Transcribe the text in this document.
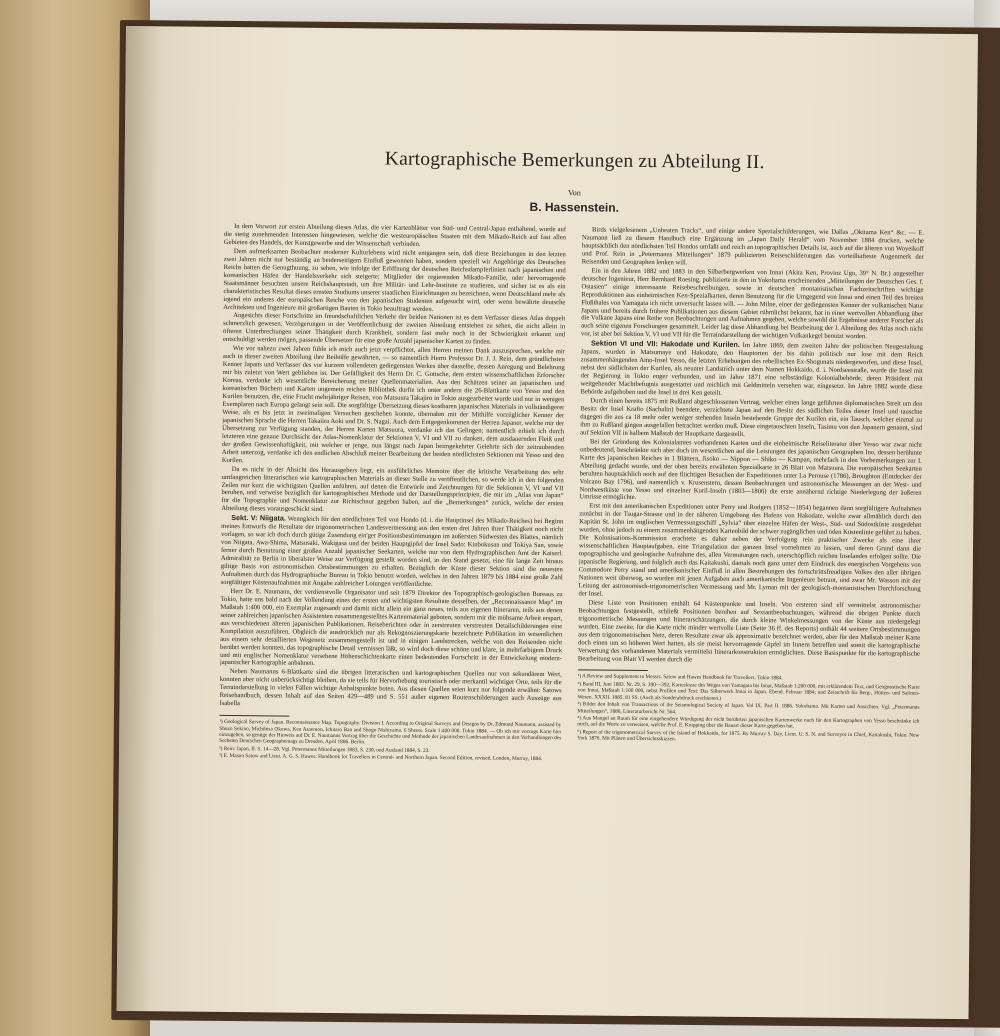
Kartographische Bemerkungen zu Abteilung II.
Von
B. Hassenstein.

In dem Vorwort zur ersten Abteilung dieses Atlas, die vier Kartenblätter von Süd- und Central-Japan enthaltend, wurde auf die stetig zunehmenden Interessen hingewiesen, welche die westeuropäischen Staaten mit dem Mikado-Reich auf fast allen Gebieten des Handels, der Kunstgewerbe und der Wissenschaft verbinden.

Dem aufmerksamen Beobachter moderner Kulturlebens wird nicht entgangen sein, daß diese Beziehungen in den letzten zwei Jahren nicht nur beständig an beiderseitigem Einfluß gewonnen haben, sondern speziell wir Angehörige des Deutschen Reichs hatten die Genugthuung, zu sehen, wie infolge der Eröffnung der deutschen Reichsdampferlinien nach japanischen und koreanischen Häfen der Handelsverkehr sich steigerte; Mitglieder der regierenden Mikado-Familie, oder hervorragende Staatsmänner besuchten unsere Reichshauptstadt, um ihre Militär- und Lehr-Institute zu studieren, und sicher ist es als ein charakteristisches Resultat dieses ernsten Studiums unserer staatlichen Einrichtungen zu bezeichnen, wenn Deutschland mehr als irgend ein anderes der europäischen Reiche von den japanischen Studenten aufgesucht wird, oder wenn bewährte deutsche Architekten und Ingenieure mit großartigen Bauten in Tokio beauftragt werden.

Angesichts dieser Fortschritte im freundschaftlichen Verkehr der beiden Nationen ist es dem Verfasser dieses Atlas doppelt schmerzlich gewesen, Verzögerungen in der Veröffentlichung der zweiten Abteilung entstehen zu sehen, die nicht allein in öfteren Unterbrechungen seiner Thätigkeit durch Krankheit, sondern fast mehr noch in der Schwierigkeit erkannt und entschuldigt werden mögen, passende Übersetzer für eine große Anzahl japanischer Karten zu finden.

Wie vor nahezu zwei Jahren fühle ich mich auch jetzt verpflichtet, allen Herren meinen Dank auszusprechen, welche mir auch in dieser zweiten Abteilung ihre Beihülfe gewährten, — so namentlich Herrn Professor Dr. J. J. Rein, dem gründlichsten Kenner Japans und Verfasser des vor kurzem vollendeten gediegensten Werkes über dasselbe, dessen Anregung und Belehrung mir bis zuletzt von Wert geblieben ist. Der Gefälligkeit des Herrn Dr. C. Gottsche, dem ersten wissenschaftlichen Erforscher Koreas, verdanke ich wesentliche Bereicherung meiner Quellenmaterialien. Aus den Schätzen seiner an japanischen und koreanischen Büchern und Karten ungemein reichen Bibliothek durfte ich unter andern die 26-Blattkarte von Yesso und den Kurilen benutzen, die, eine Frucht mehrjähriger Reisen, von Matsuura Takajiro in Tokio ausgearbeitet wurde und nur in wenigen Exemplaren nach Europa gelangt sein soll. Die sorgfältige Übersetzung dieses kostbaren japanischen Materials in vollständigerer Weise, als es bis jetzt in zweimaligen Versuchen geschehen konnte, übernahm mit der Mithilfe vorzüglicher Kenner der japanischen Sprache die Herren Takaiira Aoki und Dr. S. Nagai. Auch dem Entgegenkommen der Herren Japaner, welche mir der Übersetzung zur Verfügung standen, der Herren Karten Matsuura, verdanke ich das Gelingen; namentlich erhielt ich durch letzteren eine genaue Durchsicht der Atlas-Nomenklatur der Sektionen V, VI und VII zu danken, dem ausdauernden Fleiß und der großen Gewissenhaftigkeit, mit welcher er jenge, nun längst nach Japan heimgekehrter Gelehrte sich der zeitraubenden Arbeit unterzog, verdanke ich den endlichen Abschluß meiner Bearbeitung der beiden nördlichsten Sektionen mit Yesso und den Kurilen.

Da es nicht in der Absicht des Herausgebers liegt, ein ausführliches Memoire über die kritische Verarbeitung des sehr umfangreichen litterarischen wie kartographischen Materials an dieser Stelle zu veröffentlichen, so werde ich in den folgenden Zeilen nur kurz die wichtigsten Quellen anführen, auf denen die Entwürfe und Zeichnungen für die Sektionen V, VI und VII beruhen, und verweise bezüglich der kartographischen Methode und der Darstellungsprinzipien, die mir im „Atlas von Japan“ für die Topographie und Nomenklatur zur Richtschnur gegeben haben, auf die „Bemerkungen“ zurück, welche der ersten Abteilung dieses vorausgeschickt sind.

Sekt. V: Niigata. Wenngleich für den nördlichsten Teil von Hondo (d. i. die Hauptinsel des Mikado-Reiches) bei Beginn meines Entwurfs die Resultate der trigonometrischen Landesvermessung aus den ersten drei Jahren ihrer Thätigkeit noch nicht vorlagen, so war ich doch durch gütige Zusendung ein'ger Positionsbestimmungen im äußersten Südwesten des Blattes, nämlich von Niigata, Awa-Shima, Matsusaki, Wakigasa und der beiden Hauptgipfel der Insel Sado: Kinbokusan und Tokiya San, sowie ferner durch Benutzung einer großen Anzahl japanischer Seekarten, welche nur von dem Hydrographischen Amt der Kaiserl. Admiralität zu Berlin in liberalster Weise zur Verfügung gestellt worden sind, in den Stand gesetzt, eine für lange Zeit hinaus giltige Basis von astronomischen Ortsbestimmungen zu erhalten. Bezüglich der Küste dieser Sektion sind die neuesten Aufnahmen durch das Hydrographische Bureau in Tokio benutzt worden, welches in den Jahren 1879 bis 1884 eine große Zahl sorgfältiger Küstenaufnahmen mit Angabe zahlreicher Lotungen veröffentlichte.

Herr Dr. E. Naumann, der verdienstvolle Organisator und seit 1879 Direktor des Topographisch-geologischen Bureaus zu Tokio, hatte uns bald nach der Vollendung eines der ersten und wichtigsten Resultate desselben, der „Reconnaissance Map“ im Maßstab 1:400 000, ein Exemplar zugesandt und damit nicht allein ein ganz neues, teils aus eigenen Itineraren, teils aus denen seiner zahlreichen japanischen Assistenten zusammengestelltes Kartenmaterial geboten, sondern mir die mühsame Arbeit erspart, aus verschiedenen älteren japanischen Publikationen, Reiseberichten oder in zerstreuten verstreuten Detailschilderungen eine Kompilation auszuführen. Obgleich die ausdrücklich nur als Rekognoszierungskarte bezeichnete Publikation im wesentlichen aus einem sehr detaillierten Wegenetz zusammengestellt ist und in einigen Landstrecken, welche von den Reisenden nicht berührt werden konnten, das topographische Detail vermissen läßt, so wird doch diese schöne und klare, in mehrfarbigem Druck und mit englischer Nomenklatur versehene Höhenschichtenkarte einen bedeutenden Fortschritt in der Entwickelung modern-japanischer Kartographie anbahnen.

Neben Naumanns 6-Blattkarte sind die übrigen litterarischen und kartographischen Quellen nur von sekundärem Wert, konnten aber nicht unberücksichtigt bleiben, da sie teils für Hervorhebung touristisch oder merkantil wichtiger Orte, teils für die Terraindarstellung in vielen Fällen wichtige Anhaltspunkte boten. Aus diesen Quellen seien kurz nur folgende erwähnt: Satows Reisehandbuch, dessen Inhalt auf den Seiten 429—489 und S. 551 außer eigenen Routenschilderungen auch Auszüge aus Isabella

¹) Geological Survey of Japan. Reconnaissance Map. Topography. Division I. According to Original Surveys and Designs by Dr. Edmund Naumann, assisted by Shuzo Sekino, Michihisa Okuwa, Ken Asaemon, Ichitaro Ban and Shogo Nishiyama. 6 Sheets. Scale 1:400 000. Tokio 1884. — Ob ich mir vorzugs Karte hier einzugehen, so genüge der Hinweis auf Dr. E. Naumanns Vortrag über die Geschichte und Methode der japanischen Landesaufnahmen in den Verhandlungen des Sechsten Deutschen Geographentags zu Dresden, April 1886. Berlin.

²) Rein: Japan, II. S. 14—28. Vgl. Petermanns Mitteilungen 1883, S. 230, und Ausland 1884, S. 23.

³) E. Mason Satow and Lieut. A. G. S. Hawes: Handbook for Travellers in Central- and Northern Japan. Second Edition, revised. London, Murray, 1884.

Birds vielgelesenem „Unbeaten Tracks“, und einige andere Spezialschilderungen, wie Dallas „Okitama Ken“ &c. — E. Naumann ließ zu diesem Handbuch eine Ergänzung im „Japan Daily Herald“ vom November 1884 drucken, welche hauptsächlich den nördlichsten Teil Hondos umfaßt und reich an topographischen Details ist, auch auf die älteren von Woyeikoff und Prof. Rein in „Petermanns Mitteilungen“ 1879 publizierten Reiseschilderungen das vorteilhafteste Augenmerk der Reisenden und Geographen lenken will.

Ein in den Jahren 1882 und 1883 in den Silberbergwerken von Innai (Akita Ken, Provinz Ugo, 39° N. Br.) angestellter deutscher Ingenieur, Herr Bernhard Roesing, publizierte in den in Yokohama erscheinenden „Mitteilungen der Deutschen Ges. f. Ostasien“ einige interessante Reisebeschreibungen, sowie in deutschen montanistischen Fachzeitschriften wichtige Reproduktionen aus einheimischen Ken-Spezialkarten, deren Benutzung für die Umgegend von Innai und einen Teil des breiten Flußthales von Yamagata ich nicht unversucht lassen will. — John Milne, einer der gediegensten Kenner der vulkanischen Natur Japans und bereits durch frühere Publikationen aus diesem Gebiet rühmlichst bekannt, hat in einer wertvollen Abhandlung über die Vulkane Japans eine Reihe von Beobachtungen und Aufnahmen gegeben, welche sowohl die Ergebnisse anderer Forscher als auch seine eigenen Forschungen gesammelt. Leider lag diese Abhandlung bei Bearbeitung der I. Abteilung des Atlas noch nicht vor, ist aber bei Sektion V, VI und VII für die Terraindarstellung der wichtigen Vulkankegel benutzt worden.

Sektion VI und VII: Hakodate und Kurilen. Im Jahre 1869, dem zweiten Jahre der politischen Neugestaltung Japans, wurden in Matsumaye und Hakodate, den Hauptorten der bis dahin politisch nur lose mit dem Reich zusammenhängenden Aino-Insel Yesso, die letzten Erhebungen des rebellischen Ex-Shogunats niedergeworfen, und diese Insel, nebst den südlichsten der Kurilen, als neunter Landstrich unter dem Namen Hokkaido, d. i. Nordseestraße, wurde die Insel mit der Regierung in Tokio enger verbunden, und im Jahre 1871 eine selbständige Kolonialbehörde, deren Präsident mit weitgehender Machtbefugnis ausgestattet und reichlich mit Geldmitteln versehen war, eingesetzt. Im Jahre 1882 wurde diese Behörde aufgehoben und die Insel in drei Ken geteilt.

Durch einen bereits 1875 mit Rußland abgeschlossenen Vertrag, welcher einen lange geführten diplomatischen Streit um den Besitz der Insel Krafto (Sachalin) beendete, verzichtete Japan auf den Besitz des südlichen Teiles dieser Insel und tauschte dagegen die aus ca 18 mehr oder weniger stehenden Inseln bestehende Gruppe der Kurilen ein, ein Tausch, welcher einmal zu ihm zu Rußland gingen ausgefallen betrachtet werden muß. Diese eingetauschten Inseln, Tasimu von den Japanern genannt, sind auf Sektion VII in halbem Maßstab der Hauptkarte dargestellt.

Bei der Gründung des Kolonialamtes vorhandenen Karten und die einheimische Reiseliteratur über Yesso war zwar nicht unbedeutend, beschränkte sich aber doch im wesentlichen auf die Leistungen des japanischen Geographen Ino, dessen berühmte Karte des japanischen Reiches in 1 Blättern, Jisoko — Nippon — Shiko — Kampan, mehrfach in den Vorbemerkungen zur I. Abteilung gedacht wurde, und der oben bereits erwähnten Spezialkarte in 26 Blatt von Matsuura. Die europäischen Seekarten beruhten hauptsächlich noch auf den flüchtigen Besuchen der Expeditionen unter La Perouse (1786), Broughton (Entdecker der Volcano Bay 1796), und namentlich v. Krusenstern, dessen Beobachtungen und astronomische Messungen an der West- und Nordwestküste von Yesso und einzelner Kuril-Inseln (1803—1806) die erste annähernd richtige Niederlegung der äußeren Umrisse ermöglichte.

Erst mit den amerikanischen Expeditionen unter Perry und Rodgers (1852—1854) begannen dann sorgfältigere Aufnahmen zunächst in der Tsugar-Strasse und in der näheren Umgebung des Hafens von Hakodate, welche zwar allmählich durch den Kapitän St. John im englischen Vermessungsschiff „Sylvia“ über einzelne Häfen der West-, Süd- und Südostküste ausgedehnt wurden, ohne jedoch zu einem zusammenhängenden Kartenbild der schwer zugänglichen und öden Küstenlinie geführt zu haben. Die Kolonisations-Kommission erachtete es daher neben der Verfolgung rein praktischer Zwecke als eine ihrer wissenschaftlichen Hauptaufgaben, eine Triangulation der ganzen Insel vornehmen zu lassen, und deren Grund dann die topographische und geologische Aufnahme des, allen Vermutungen nach, unerschöpflich reichen Inselandes erfolgen sollte. Die japanische Regierung, und folglich auch das Kaitakushi, damals noch ganz unter dem Eindruck des energischen Vorgehens von Commodore Perry stand und amerikanischer Einfluß in allen Bestrebungen des fortschrittsfreudigen Volkes den aller übrigen Nationen weit überwog, so wurden mit jenen Aufgaben auch amerikanische Ingenieure betraut, und zwar Mr. Wasson mit der Leitung der astronomisch-trigonometrischen Vermessung und Mr. Lyman mit der geologisch-montanistischen Durchforschung der Insel.

Diese Liste von Positionen enthält 64 Küstenpunkte und Inseln. Von ersteren sind elf vermittelst astronomischer Beobachtungen festgestellt, schließt Positionen beruhen auf Sextantbeobachtungen, während die übrigen Punkte durch trigonometrische Messungen und Itinerarschätzungen, die durch kleine Winkelmessungen von der Küste aus niedergelegt wurden. Eine zweite, für die Karte nicht minder wertvolle Liste (Seite 36 ff. des Reports) enthält 44 weitere Ortsbestimmungen aus dem trigonometrischen Netz, deren Resultate zwar als approximativ bezeichnet werden, aber für den Maßstab meiner Karte doch einen um so höheren Wert hatten, als sie meist hervorragende Gipfel im Innern betreffen und somit die kartographische Verwertung des vorhandenen Materials vermittelst Itinerarkonstruktion ermöglichten. Diese Basispunkte für die kartographische Bearbeitung von Blatt VI werden durch die

¹) A Review and Supplement to Messrs. Satow and Hawes Handbook for Travellers. Tokio 1884.

²) Band III, Juni 1883. Nr. 29, S. 390—392, Karteskizze des Weges von Yamagata bis Innai, Maßstab 1:200 000, mit erklärendem Text, und Geognostische Karte von Innai, Maßstab 1:100 000, nebst Profilen und Text: Das Silberwerk Innai in Japan. Ebend. Februar 1884; und Zeitschrift für Berg-, Hütten- und Salinen-Wesen. XXXII. 1885. 81 SS. (Auch als Sonderabdruck erschienen.)

³) Bildet den Inhalt von Transactions of the Seismological Society of Japan. Vol IX. Part II. 1886. Yokohama. Mit Karten und Ansichten. Vgl. „Petermanns Mitteilungen“, 1886, Litteraturbericht Nr. 564.

⁴) Aus Mangel an Raum für eine eingehendere Würdigung der nicht berührten japanischen Kartenwerke nach für den Kartographen von Yesso beschränke ich mich, auf die Worte zu verweisen, welche Prof. E. Knipping über die Bauart dieser Karte gegeben hat.

⁵) Report of the trigonometrical Survey of the Island of Hokkaido, for 1875. By Murray S. Day, Lieut. U. S. N. and Surveyor in Chief, Kaitakushi, Tokio. New York 1876. Mit Plänen und Übersichtsskizzen.
